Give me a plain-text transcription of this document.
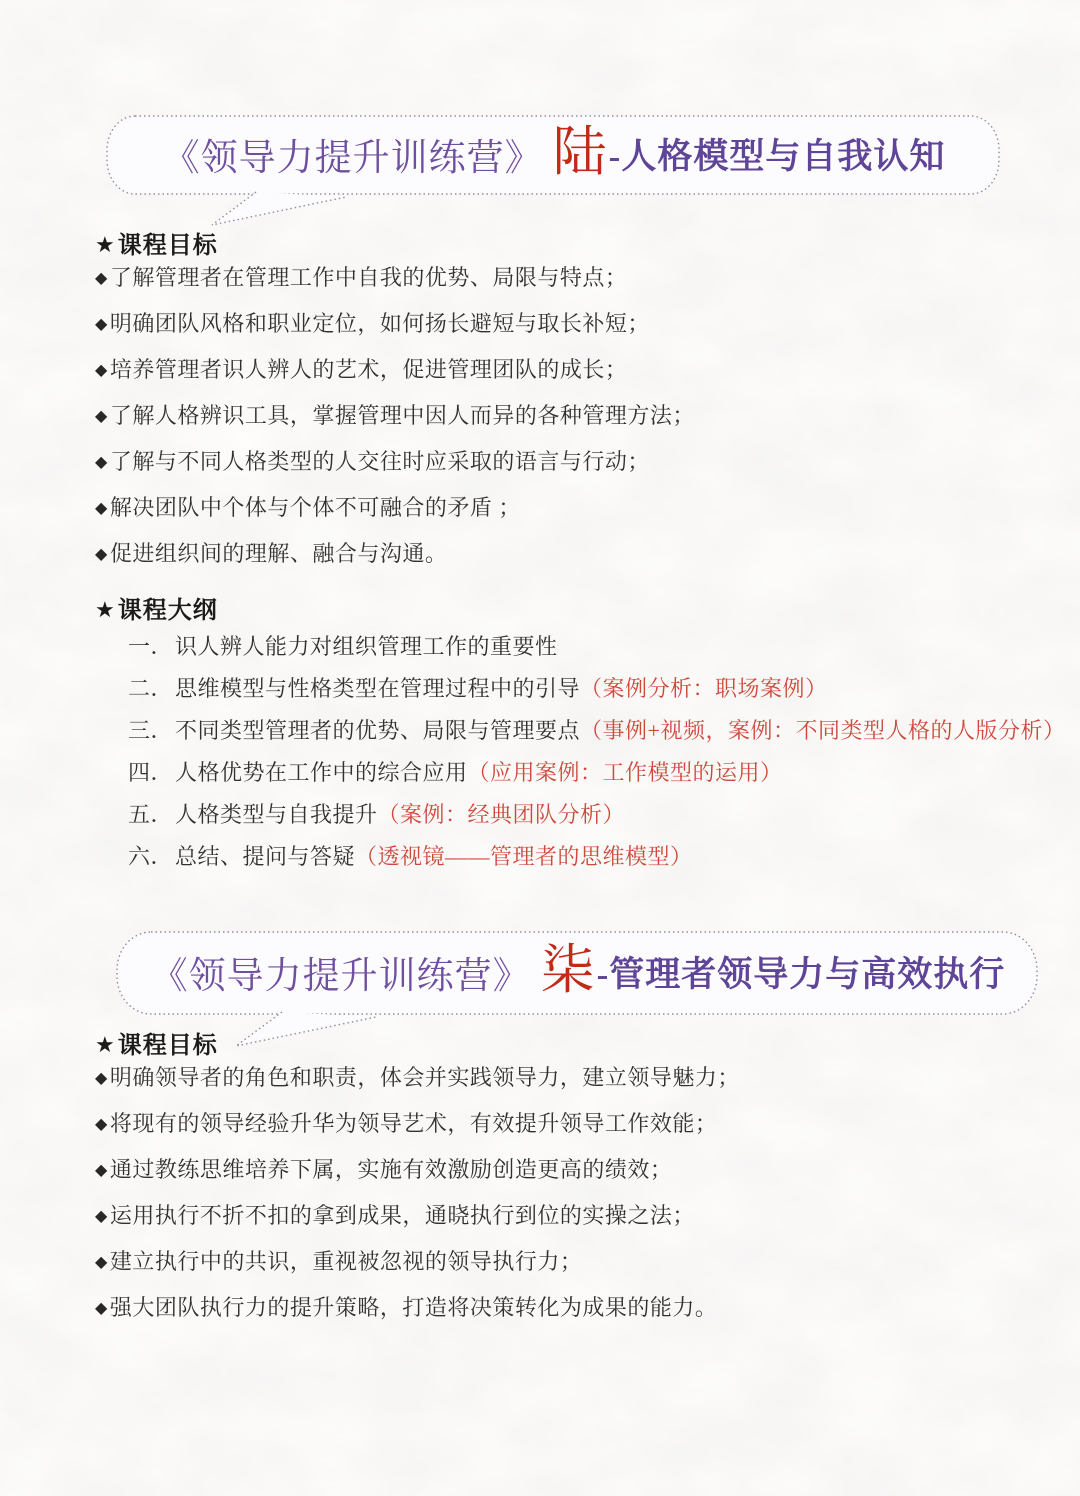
《领导力提升训练营》 陆 -人格模型与自我认知
★课程目标
◆了解管理者在管理工作中自我的优势、局限与特点；
◆明确团队风格和职业定位，如何扬长避短与取长补短；
◆培养管理者识人辨人的艺术，促进管理团队的成长；
◆了解人格辨识工具，掌握管理中因人而异的各种管理方法；
◆了解与不同人格类型的人交往时应采取的语言与行动；
◆解决团队中个体与个体不可融合的矛盾 ；
◆促进组织间的理解、融合与沟通。
★课程大纲
一．识人辨人能力对组织管理工作的重要性
二．思维模型与性格类型在管理过程中的引导（案例分析：职场案例）
三．不同类型管理者的优势、局限与管理要点（事例+视频，案例：不同类型人格的人版分析）
四．人格优势在工作中的综合应用（应用案例：工作模型的运用）
五．人格类型与自我提升（案例：经典团队分析）
六．总结、提问与答疑（透视镜——管理者的思维模型）
《领导力提升训练营》 柒 -管理者领导力与高效执行
★课程目标
◆明确领导者的角色和职责，体会并实践领导力，建立领导魅力；
◆将现有的领导经验升华为领导艺术，有效提升领导工作效能；
◆通过教练思维培养下属，实施有效激励创造更高的绩效；
◆运用执行不折不扣的拿到成果，通晓执行到位的实操之法；
◆建立执行中的共识，重视被忽视的领导执行力；
◆强大团队执行力的提升策略，打造将决策转化为成果的能力。
